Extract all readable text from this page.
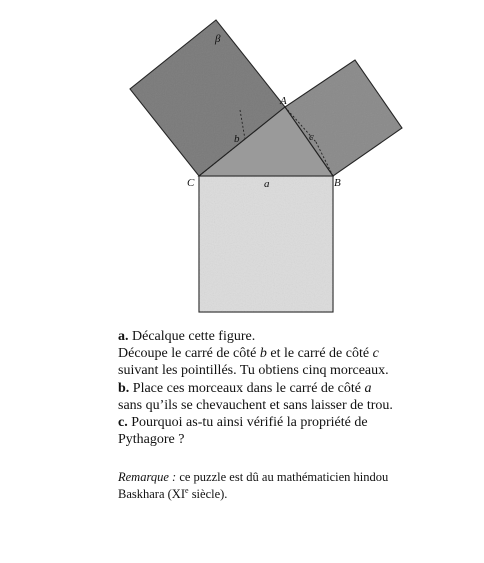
C	B
A
a
b	c
β
a. Décalque cette figure.
Découpe le carré de côté b et le carré de côté c
suivant les pointillés. Tu obtiens cinq morceaux.
b. Place ces morceaux dans le carré de côté a
sans qu’ils se chevauchent et sans laisser de trou.
c. Pourquoi as-tu ainsi vérifié la propriété de
Pythagore ?
Remarque : ce puzzle est dû au mathématicien hindou
Baskhara (XIe siècle).
